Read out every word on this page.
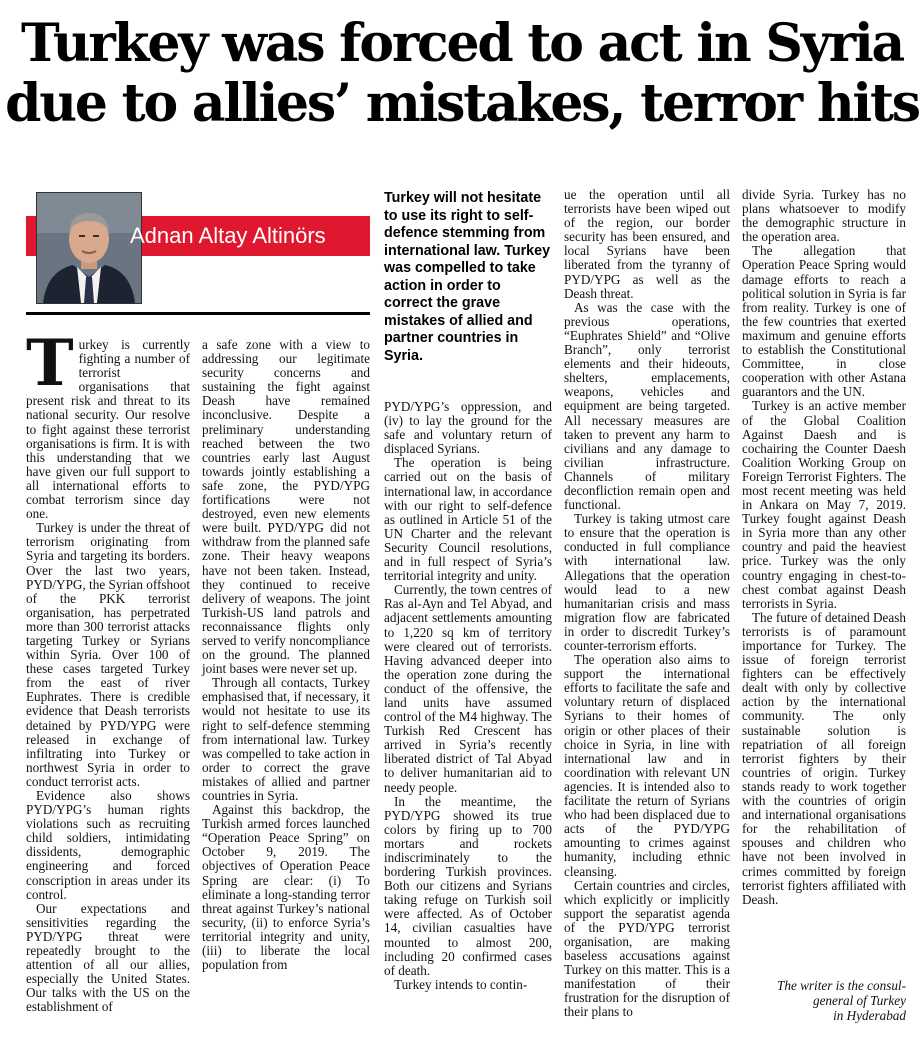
Turkey was forced to act in Syria
due to allies’ mistakes, terror hits
Adnan Altay Altinörs

Turkey will not hesitate to use its right to self-defence stemming from international law. Turkey was compelled to take action in order to correct the grave mistakes of allied and partner countries in Syria.

Turkey is currently fighting a number of terrorist organisations that present risk and threat to its national security. Our resolve to fight against these terrorist organisations is firm. It is with this understanding that we have given our full support to all international efforts to combat terrorism since day one.

Turkey is under the threat of terrorism originating from Syria and targeting its borders. Over the last two years, PYD/YPG, the Syrian offshoot of the PKK terrorist organisation, has perpetrated more than 300 terrorist attacks targeting Turkey or Syrians within Syria. Over 100 of these cases targeted Turkey from the east of river Euphrates. There is credible evidence that Deash terrorists detained by PYD/YPG were released in exchange of infiltrating into Turkey or northwest Syria in order to conduct terrorist acts.

Evidence also shows PYD/YPG’s human rights violations such as recruiting child soldiers, intimidating dissidents, demographic engineering and forced conscription in areas under its control.

Our expectations and sensitivities regarding the PYD/YPG threat were repeatedly brought to the attention of all our allies, especially the United States. Our talks with the US on the establishment of

a safe zone with a view to addressing our legitimate security concerns and sustaining the fight against Deash have remained inconclusive. Despite a preliminary understanding reached between the two countries early last August towards jointly establishing a safe zone, the PYD/YPG fortifications were not destroyed, even new elements were built. PYD/YPG did not withdraw from the planned safe zone. Their heavy weapons have not been taken. Instead, they continued to receive delivery of weapons. The joint Turkish-US land patrols and reconnaissance flights only served to verify noncompliance on the ground. The planned joint bases were never set up.

Through all contacts, Turkey emphasised that, if necessary, it would not hesitate to use its right to self-defence stemming from international law. Turkey was compelled to take action in order to correct the grave mistakes of allied and partner countries in Syria.

Against this backdrop, the Turkish armed forces launched “Operation Peace Spring” on October 9, 2019. The objectives of Operation Peace Spring are clear: (i) To eliminate a long-standing terror threat against Turkey’s national security, (ii) to enforce Syria’s territorial integrity and unity, (iii) to liberate the local population from

PYD/YPG’s oppression, and (iv) to lay the ground for the safe and voluntary return of displaced Syrians.

The operation is being carried out on the basis of international law, in accordance with our right to self-defence as outlined in Article 51 of the UN Charter and the relevant Security Council resolutions, and in full respect of Syria’s territorial integrity and unity.

Currently, the town centres of Ras al-Ayn and Tel Abyad, and adjacent settlements amounting to 1,220 sq km of territory were cleared out of terrorists. Having advanced deeper into the operation zone during the conduct of the offensive, the land units have assumed control of the M4 highway. The Turkish Red Crescent has arrived in Syria’s recently liberated district of Tal Abyad to deliver humanitarian aid to needy people.

In the meantime, the PYD/YPG showed its true colors by firing up to 700 mortars and rockets indiscriminately to the bordering Turkish provinces. Both our citizens and Syrians taking refuge on Turkish soil were affected. As of October 14, civilian casualties have mounted to almost 200, including 20 confirmed cases of death.

Turkey intends to contin-

ue the operation until all terrorists have been wiped out of the region, our border security has been ensured, and local Syrians have been liberated from the tyranny of PYD/YPG as well as the Deash threat.

As was the case with the previous operations, “Euphrates Shield” and “Olive Branch”, only terrorist elements and their hideouts, shelters, emplacements, weapons, vehicles and equipment are being targeted. All necessary measures are taken to prevent any harm to civilians and any damage to civilian infrastructure. Channels of military deconfliction remain open and functional.

Turkey is taking utmost care to ensure that the operation is conducted in full compliance with international law. Allegations that the operation would lead to a new humanitarian crisis and mass migration flow are fabricated in order to discredit Turkey’s counter-terrorism efforts.

The operation also aims to support the international efforts to facilitate the safe and voluntary return of displaced Syrians to their homes of origin or other places of their choice in Syria, in line with international law and in coordination with relevant UN agencies. It is intended also to facilitate the return of Syrians who had been displaced due to acts of the PYD/YPG amounting to crimes against humanity, including ethnic cleansing.

Certain countries and circles, which explicitly or implicitly support the separatist agenda of the PYD/YPG terrorist organisation, are making baseless accusations against Turkey on this matter. This is a manifestation of their frustration for the disruption of their plans to

divide Syria. Turkey has no plans whatsoever to modify the demographic structure in the operation area.

The allegation that Operation Peace Spring would damage efforts to reach a political solution in Syria is far from reality. Turkey is one of the few countries that exerted maximum and genuine efforts to establish the Constitutional Committee, in close cooperation with other Astana guarantors and the UN.

Turkey is an active member of the Global Coalition Against Daesh and is cochairing the Counter Daesh Coalition Working Group on Foreign Terrorist Fighters. The most recent meeting was held in Ankara on May 7, 2019. Turkey fought against Deash in Syria more than any other country and paid the heaviest price. Turkey was the only country engaging in chest-to-chest combat against Deash terrorists in Syria.

The future of detained Deash terrorists is of paramount importance for Turkey. The issue of foreign terrorist fighters can be effectively dealt with only by collective action by the international community. The only sustainable solution is repatriation of all foreign terrorist fighters by their countries of origin. Turkey stands ready to work together with the countries of origin and international organisations for the rehabilitation of spouses and children who have not been involved in crimes committed by foreign terrorist fighters affiliated with Deash.

The writer is the consul-
general of Turkey
in Hyderabad
